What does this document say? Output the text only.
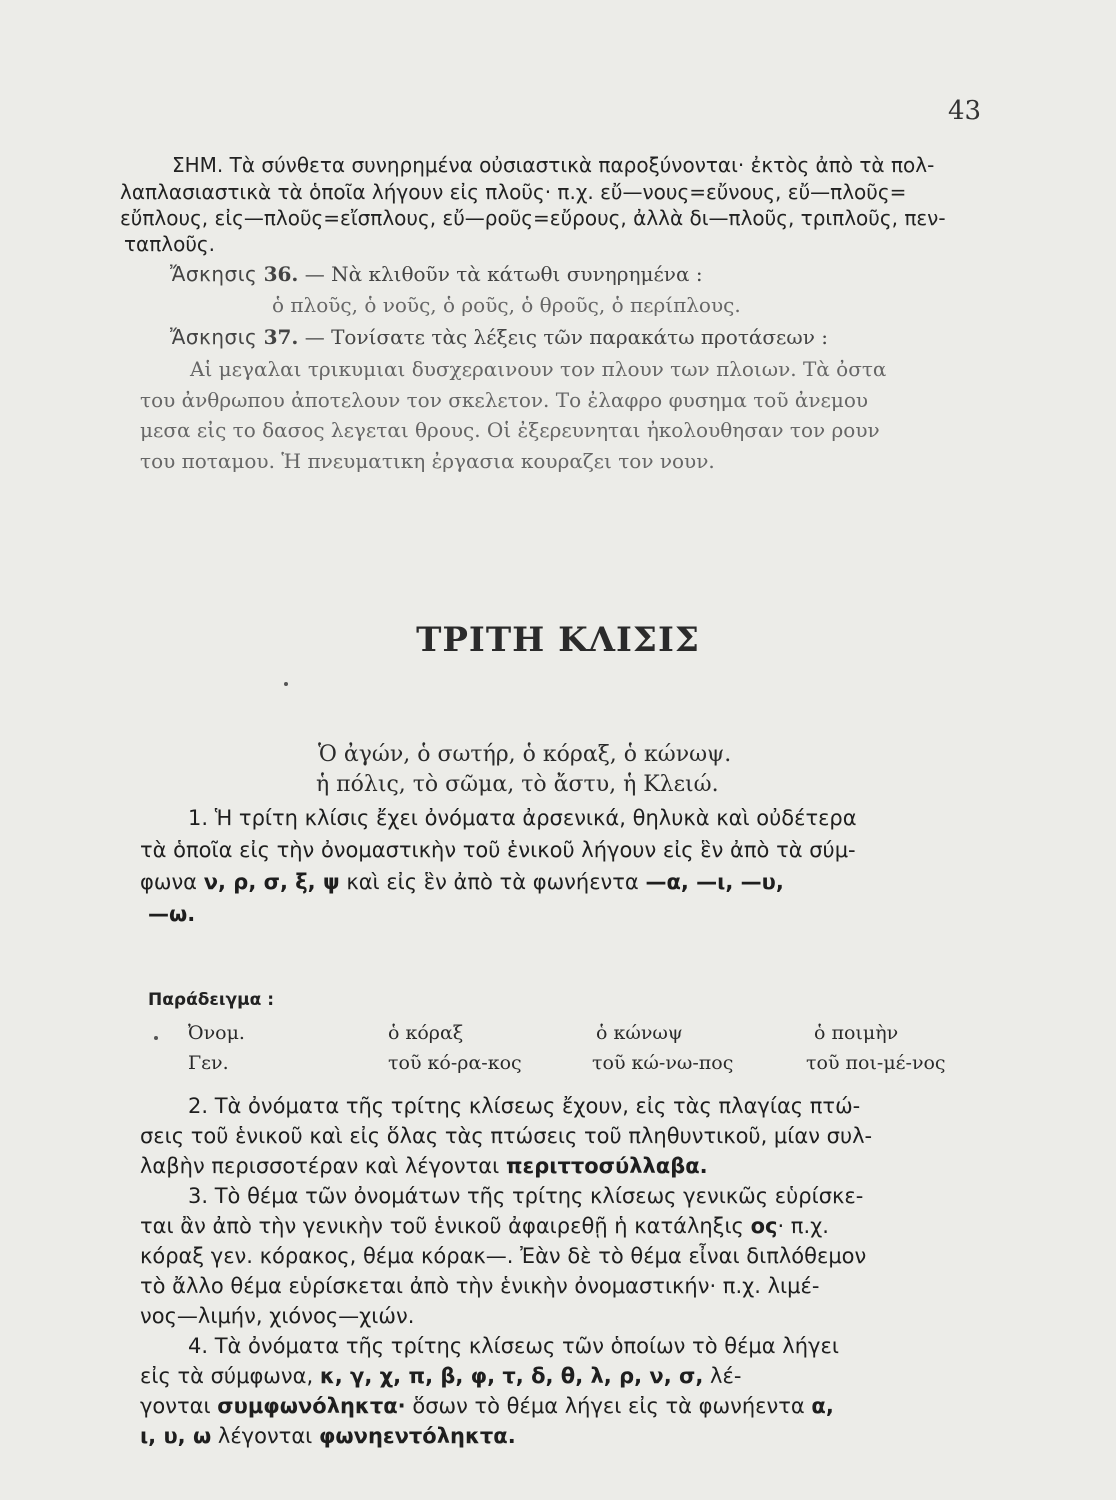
43
ΣΗΜ. Τὰ σύνθετα συνηρημένα οὐσιαστικὰ παροξύνονται· ἐκτὸς ἀπὸ τὰ πολ-
λαπλασιαστικὰ τὰ ὁποῖα λήγουν εἰς πλοῦς· π.χ. εὔ—νους=εὔνους, εὔ—πλοῦς=
εὔπλους, εἰς—πλοῦς=εἴσπλους, εὔ—ροῦς=εὔρους, ἀλλὰ δι—πλοῦς, τριπλοῦς, πεν-
ταπλοῦς.
Ἄσκησις 36. — Νὰ κλιθοῦν τὰ κάτωθι συνηρημένα :
ὁ πλοῦς, ὁ νοῦς, ὁ ροῦς, ὁ θροῦς, ὁ περίπλους.
Ἄσκησις 37. — Τονίσατε τὰς λέξεις τῶν παρακάτω προτάσεων :
Αἱ μεγαλαι τρικυμιαι δυσχεραινουν τον πλουν των πλοιων. Τὰ ὀστα
του ἀνθρωπου ἀποτελουν τον σκελετον. Το ἐλαφρο φυσημα τοῦ ἀνεμου
μεσα εἰς το δασος λεγεται θρους. Οἱ ἐξερευνηται ἠκολουθησαν τον ρουν
του ποταμου. Ἡ πνευματικη ἐργασια κουραζει τον νουν.
ΤΡΙΤΗ ΚΛΙΣΙΣ
Ὁ ἀγών, ὁ σωτήρ, ὁ κόραξ, ὁ κώνωψ.
ἡ πόλις, τὸ σῶμα, τὸ ἄστυ, ἡ Κλειώ.
1. Ἡ τρίτη κλίσις ἔχει ὀνόματα ἀρσενικά, θηλυκὰ καὶ οὐδέτερα
τὰ ὁποῖα εἰς τὴν ὀνομαστικὴν τοῦ ἑνικοῦ λήγουν εἰς ἓν ἀπὸ τὰ σύμ-
φωνα ν, ρ, σ, ξ, ψ καὶ εἰς ἓν ἀπὸ τὰ φωνήεντα —α, —ι, —υ,
—ω.
Παράδειγμα :
Ὀνομ.	ὁ κόραξ	ὁ κώνωψ	ὁ ποιμὴν
Γεν.	τοῦ κό-ρα-κος	τοῦ κώ-νω-πος	τοῦ ποι-μέ-νος
2. Τὰ ὀνόματα τῆς τρίτης κλίσεως ἔχουν, εἰς τὰς πλαγίας πτώ-
σεις τοῦ ἑνικοῦ καὶ εἰς ὅλας τὰς πτώσεις τοῦ πληθυντικοῦ, μίαν συλ-
λαβὴν περισσοτέραν καὶ λέγονται περιττοσύλλαβα.
3. Τὸ θέμα τῶν ὀνομάτων τῆς τρίτης κλίσεως γενικῶς εὑρίσκε-
ται ἂν ἀπὸ τὴν γενικὴν τοῦ ἑνικοῦ ἀφαιρεθῇ ἡ κατάληξις ος· π.χ.
κόραξ γεν. κόρακος, θέμα κόρακ—. Ἐὰν δὲ τὸ θέμα εἶναι διπλόθεμον
τὸ ἄλλο θέμα εὑρίσκεται ἀπὸ τὴν ἑνικὴν ὀνομαστικήν· π.χ. λιμέ-
νος—λιμήν, χιόνος—χιών.
4. Τὰ ὀνόματα τῆς τρίτης κλίσεως τῶν ὁποίων τὸ θέμα λήγει
εἰς τὰ σύμφωνα, κ, γ, χ, π, β, φ, τ, δ, θ, λ, ρ, ν, σ, λέ-
γονται συμφωνόληκτα· ὅσων τὸ θέμα λήγει εἰς τὰ φωνήεντα α,
ι, υ, ω λέγονται φωνηεντόληκτα.
